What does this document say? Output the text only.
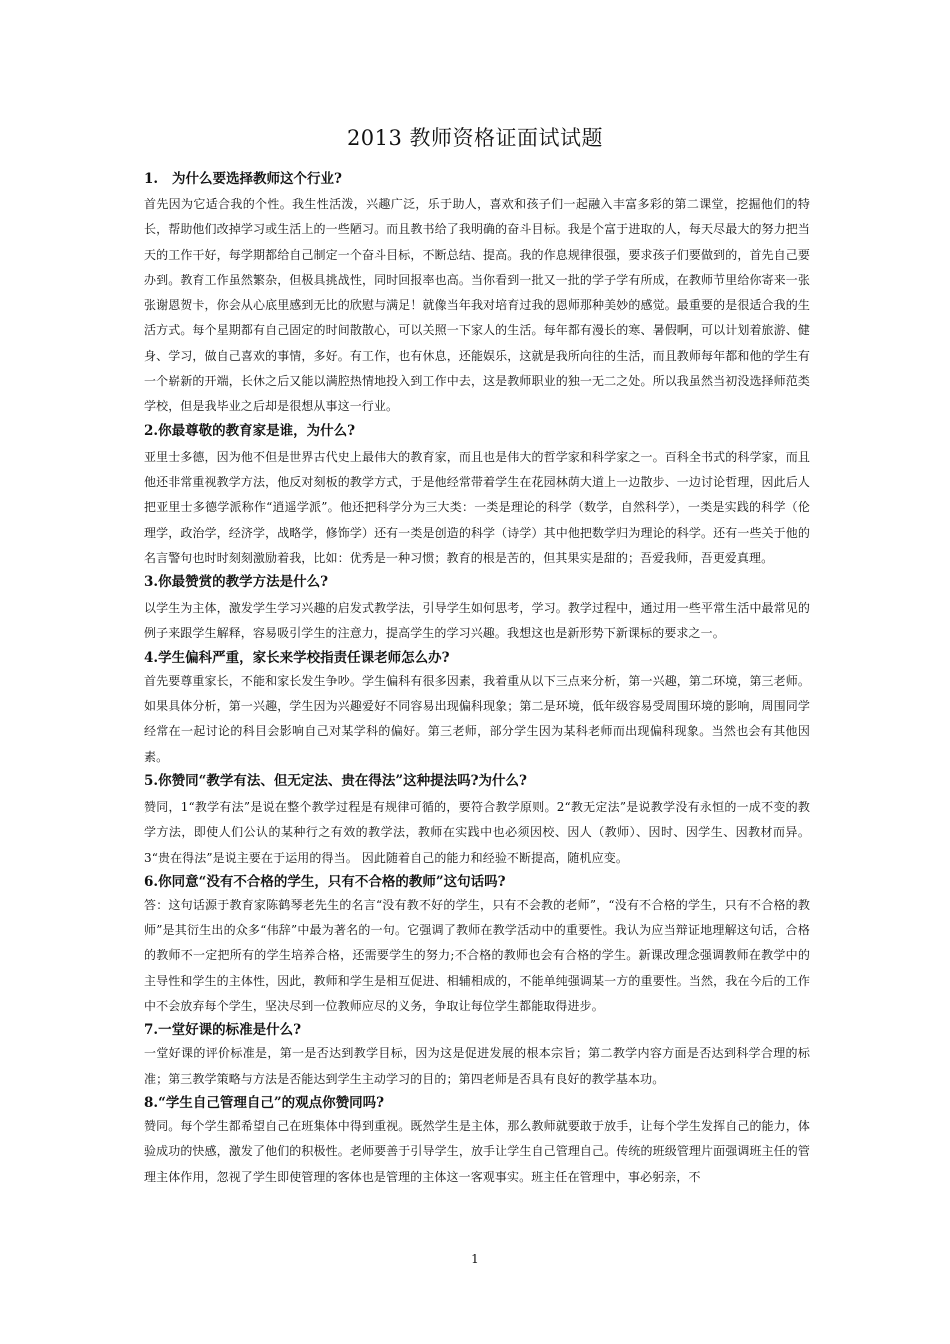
2013 教师资格证面试试题

1. 为什么要选择教师这个行业?

首先因为它适合我的个性。我生性活泼，兴趣广泛，乐于助人，喜欢和孩子们一起融入丰富多彩的第二课堂，挖掘他们的特长，帮助他们改掉学习或生活上的一些陋习。而且教书给了我明确的奋斗目标。我是个富于进取的人，每天尽最大的努力把当天的工作干好，每学期都给自己制定一个奋斗目标，不断总结、提高。我的作息规律很强，要求孩子们要做到的，首先自己要办到。教育工作虽然繁杂，但极具挑战性，同时回报率也高。当你看到一批又一批的学子学有所成，在教师节里给你寄来一张张谢恩贺卡，你会从心底里感到无比的欣慰与满足！就像当年我对培育过我的恩师那种美妙的感觉。最重要的是很适合我的生活方式。每个星期都有自己固定的时间散散心，可以关照一下家人的生活。每年都有漫长的寒、暑假啊，可以计划着旅游、健身、学习，做自己喜欢的事情，多好。有工作，也有休息，还能娱乐，这就是我所向往的生活，而且教师每年都和他的学生有一个崭新的开端，长休之后又能以满腔热情地投入到工作中去，这是教师职业的独一无二之处。所以我虽然当初没选择师范类学校，但是我毕业之后却是很想从事这一行业。

2.你最尊敬的教育家是谁，为什么?

亚里士多德，因为他不但是世界古代史上最伟大的教育家，而且也是伟大的哲学家和科学家之一。百科全书式的科学家，而且他还非常重视教学方法，他反对刻板的教学方式，于是他经常带着学生在花园林荫大道上一边散步、一边讨论哲理，因此后人把亚里士多德学派称作“逍遥学派”。他还把科学分为三大类：一类是理论的科学（数学，自然科学），一类是实践的科学（伦理学，政治学，经济学，战略学，修饰学）还有一类是创造的科学（诗学）其中他把数学归为理论的科学。还有一些关于他的名言警句也时时刻刻激励着我，比如：优秀是一种习惯；教育的根是苦的，但其果实是甜的；吾爱我师，吾更爱真理。

3.你最赞赏的教学方法是什么?

以学生为主体，激发学生学习兴趣的启发式教学法，引导学生如何思考，学习。教学过程中，通过用一些平常生活中最常见的例子来跟学生解释，容易吸引学生的注意力，提高学生的学习兴趣。我想这也是新形势下新课标的要求之一。

4.学生偏科严重，家长来学校指责任课老师怎么办?

首先要尊重家长，不能和家长发生争吵。学生偏科有很多因素，我着重从以下三点来分析，第一兴趣，第二环境，第三老师。如果具体分析，第一兴趣，学生因为兴趣爱好不同容易出现偏科现象；第二是环境，低年级容易受周围环境的影响，周围同学经常在一起讨论的科目会影响自己对某学科的偏好。第三老师，部分学生因为某科老师而出现偏科现象。当然也会有其他因素。

5.你赞同“教学有法、但无定法、贵在得法”这种提法吗?为什么?

赞同，1“教学有法”是说在整个教学过程是有规律可循的，要符合教学原则。2“教无定法”是说教学没有永恒的一成不变的教学方法，即使人们公认的某种行之有效的教学法，教师在实践中也必须因校、因人（教师）、因时、因学生、因教材而异。3“贵在得法”是说主要在于运用的得当。 因此随着自己的能力和经验不断提高，随机应变。

6.你同意“没有不合格的学生，只有不合格的教师”这句话吗?

答：这句话源于教育家陈鹤琴老先生的名言“没有教不好的学生，只有不会教的老师”，“没有不合格的学生，只有不合格的教师”是其衍生出的众多“伟辞”中最为著名的一句。它强调了教师在教学活动中的重要性。我认为应当辩证地理解这句话，合格的教师不一定把所有的学生培养合格，还需要学生的努力;不合格的教师也会有合格的学生。新课改理念强调教师在教学中的主导性和学生的主体性，因此，教师和学生是相互促进、相辅相成的，不能单纯强调某一方的重要性。当然，我在今后的工作中不会放弃每个学生，坚决尽到一位教师应尽的义务，争取让每位学生都能取得进步。

7.一堂好课的标准是什么?

一堂好课的评价标准是，第一是否达到教学目标，因为这是促进发展的根本宗旨；第二教学内容方面是否达到科学合理的标准；第三教学策略与方法是否能达到学生主动学习的目的；第四老师是否具有良好的教学基本功。

8.“学生自己管理自己”的观点你赞同吗?

赞同。每个学生都希望自己在班集体中得到重视。既然学生是主体，那么教师就要敢于放手，让每个学生发挥自己的能力，体验成功的快感，激发了他们的积极性。老师要善于引导学生，放手让学生自己管理自己。传统的班级管理片面强调班主任的管理主体作用，忽视了学生即使管理的客体也是管理的主体这一客观事实。班主任在管理中，事必躬亲，不

1
